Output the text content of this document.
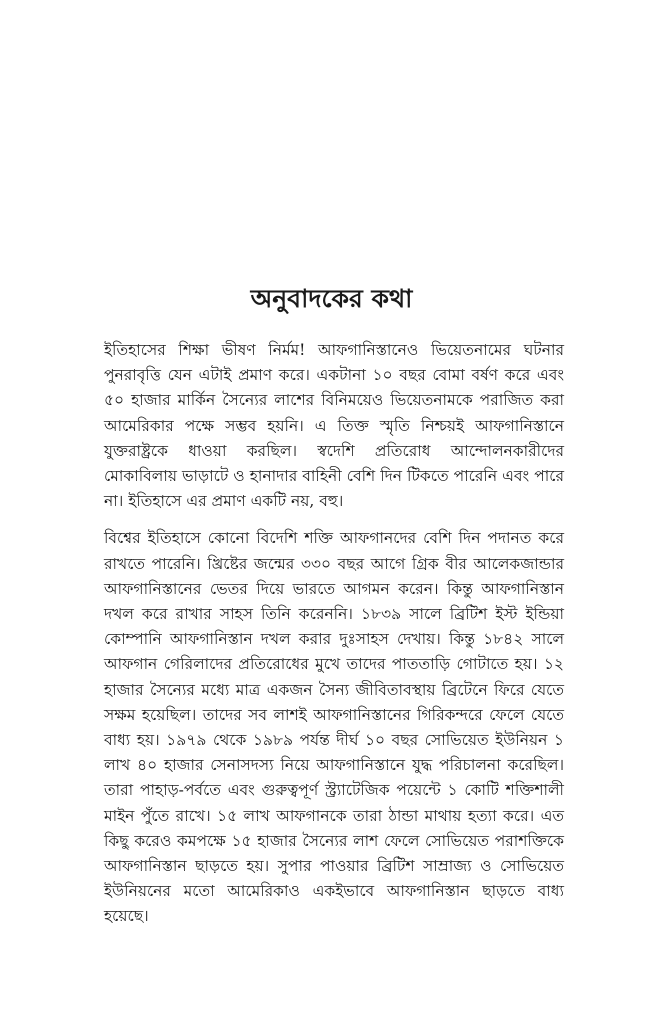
অনুবাদকের কথা

ইতিহাসের শিক্ষা ভীষণ নির্মম! আফগানিস্তানেও ভিয়েতনামের ঘটনার পুনরাবৃত্তি যেন এটাই প্রমাণ করে। একটানা ১০ বছর বোমা বর্ষণ করে এবং ৫০ হাজার মার্কিন সৈন্যের লাশের বিনিময়েও ভিয়েতনামকে পরাজিত করা আমেরিকার পক্ষে সম্ভব হয়নি। এ তিক্ত স্মৃতি নিশ্চয়ই আফগানিস্তানে যুক্তরাষ্ট্রকে ধাওয়া করছিল। স্বদেশি প্রতিরোধ আন্দোলনকারীদের মোকাবিলায় ভাড়াটে ও হানাদার বাহিনী বেশি দিন টিকতে পারেনি এবং পারে না। ইতিহাসে এর প্রমাণ একটি নয়, বহু।

বিশ্বের ইতিহাসে কোনো বিদেশি শক্তি আফগানদের বেশি দিন পদানত করে রাখতে পারেনি। খ্রিষ্টের জন্মের ৩৩০ বছর আগে গ্রিক বীর আলেকজান্ডার আফগানিস্তানের ভেতর দিয়ে ভারতে আগমন করেন। কিন্তু আফগানিস্তান দখল করে রাখার সাহস তিনি করেননি। ১৮৩৯ সালে ব্রিটিশ ইস্ট ইন্ডিয়া কোম্পানি আফগানিস্তান দখল করার দুঃসাহস দেখায়। কিন্তু ১৮৪২ সালে আফগান গেরিলাদের প্রতিরোধের মুখে তাদের পাততাড়ি গোটাতে হয়। ১২ হাজার সৈন্যের মধ্যে মাত্র একজন সৈন্য জীবিতাবস্থায় ব্রিটেনে ফিরে যেতে সক্ষম হয়েছিল। তাদের সব লাশই আফগানিস্তানের গিরিকন্দরে ফেলে যেতে বাধ্য হয়। ১৯৭৯ থেকে ১৯৮৯ পর্যন্ত দীর্ঘ ১০ বছর সোভিয়েত ইউনিয়ন ১ লাখ ৪০ হাজার সেনাসদস্য নিয়ে আফগানিস্তানে যুদ্ধ পরিচালনা করেছিল। তারা পাহাড়-পর্বতে এবং গুরুত্বপূর্ণ স্ট্র্যাটেজিক পয়েন্টে ১ কোটি শক্তিশালী মাইন পুঁতে রাখে। ১৫ লাখ আফগানকে তারা ঠান্ডা মাথায় হত্যা করে। এত কিছু করেও কমপক্ষে ১৫ হাজার সৈন্যের লাশ ফেলে সোভিয়েত পরাশক্তিকে আফগানিস্তান ছাড়তে হয়। সুপার পাওয়ার ব্রিটিশ সাম্রাজ্য ও সোভিয়েত ইউনিয়নের মতো আমেরিকাও একইভাবে আফগানিস্তান ছাড়তে বাধ্য হয়েছে।
